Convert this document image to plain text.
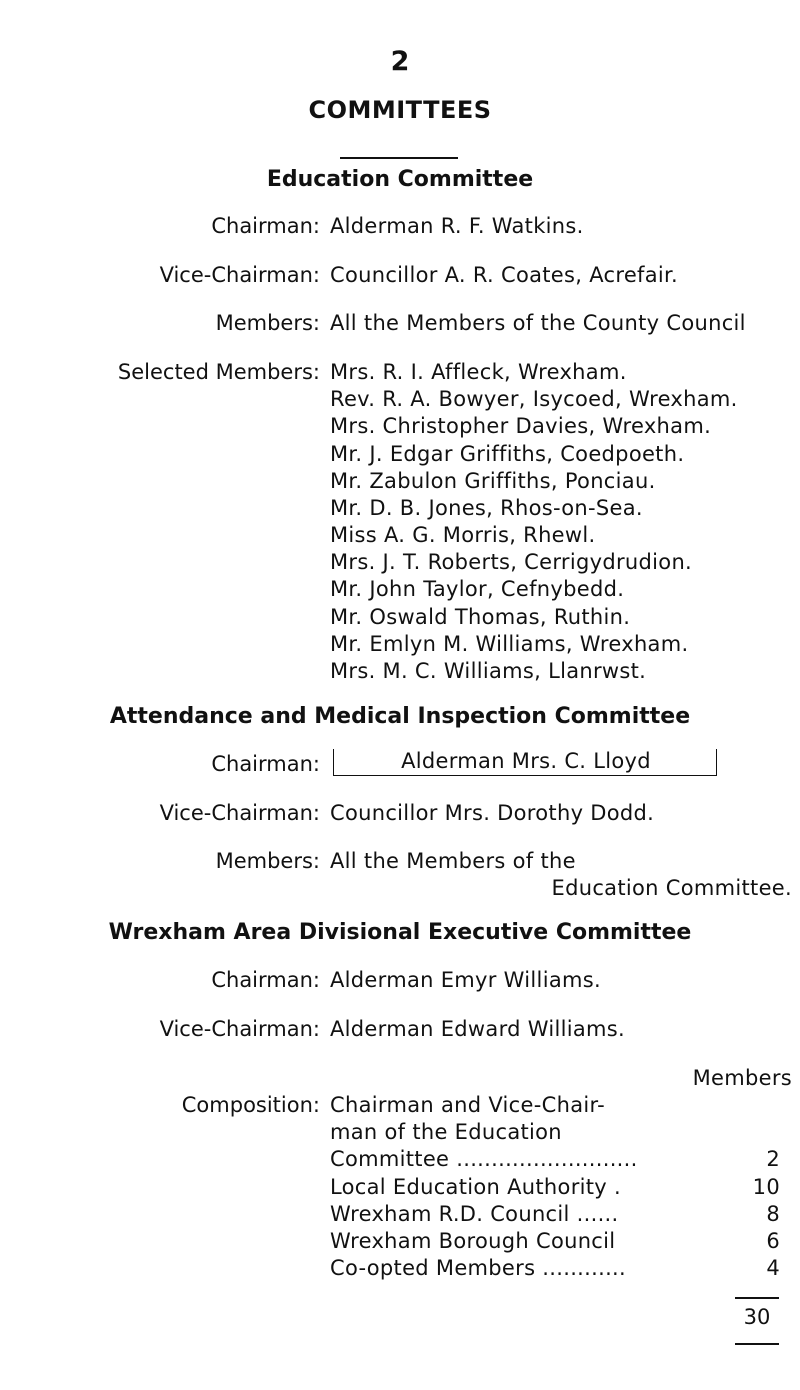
2
COMMITTEES
Education Committee
Chairman: Alderman R. F. Watkins.
Vice-Chairman: Councillor A. R. Coates, Acrefair.
Members: All the Members of the County Council
Selected Members: Mrs. R. I. Affleck, Wrexham.
Rev. R. A. Bowyer, Isycoed, Wrexham.
Mrs. Christopher Davies, Wrexham.
Mr. J. Edgar Griffiths, Coedpoeth.
Mr. Zabulon Griffiths, Ponciau.
Mr. D. B. Jones, Rhos-on-Sea.
Miss A. G. Morris, Rhewl.
Mrs. J. T. Roberts, Cerrigydrudion.
Mr. John Taylor, Cefnybedd.
Mr. Oswald Thomas, Ruthin.
Mr. Emlyn M. Williams, Wrexham.
Mrs. M. C. Williams, Llanrwst.
Attendance and Medical Inspection Committee
Chairman:	Alderman Mrs. C. Lloyd
Vice-Chairman: Councillor Mrs. Dorothy Dodd.
Members: All the Members of the
Education Committee.
Wrexham Area Divisional Executive Committee
Chairman: Alderman Emyr Williams.
Vice-Chairman: Alderman Edward Williams.
Members
Composition: Chairman and Vice-Chair-
man of the Education
Committee ..........................	2
Local Education Authority .	10
Wrexham R.D. Council ......	8
Wrexham Borough Council	6
Co-opted Members ............	4
30
